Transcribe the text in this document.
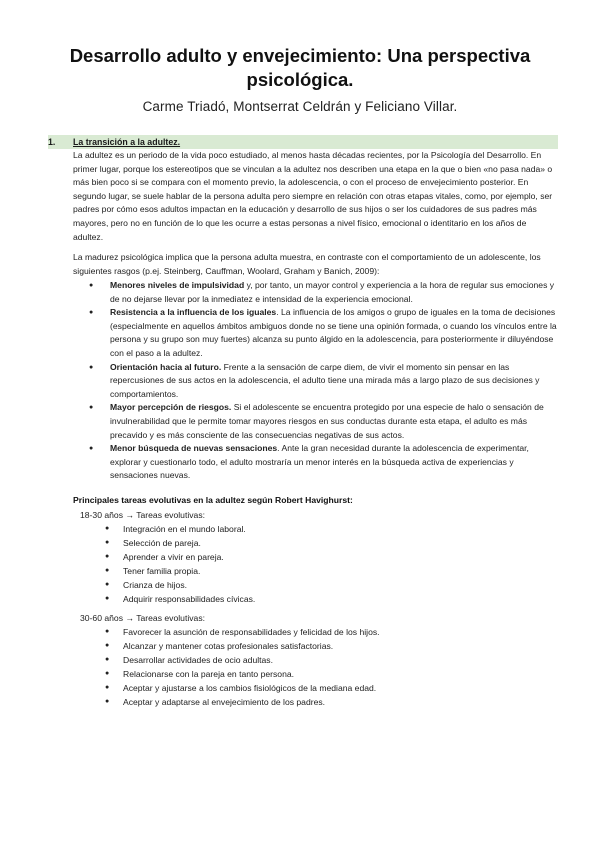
Desarrollo adulto y envejecimiento: Una perspectiva psicológica.
Carme Triadó, Montserrat Celdrán y Feliciano Villar.
1. La transición a la adultez.
La adultez es un periodo de la vida poco estudiado, al menos hasta décadas recientes, por la Psicología del Desarrollo. En primer lugar, porque los estereotipos que se vinculan a la adultez nos describen una etapa en la que o bien «no pasa nada» o más bien poco si se compara con el momento previo, la adolescencia, o con el proceso de envejecimiento posterior. En segundo lugar, se suele hablar de la persona adulta pero siempre en relación con otras etapas vitales, como, por ejemplo, ser padres por cómo esos adultos impactan en la educación y desarrollo de sus hijos o ser los cuidadores de sus padres más mayores, pero no en función de lo que les ocurre a estas personas a nivel físico, emocional o identitario en los años de adultez.
La madurez psicológica implica que la persona adulta muestra, en contraste con el comportamiento de un adolescente, los siguientes rasgos (p.ej. Steinberg, Cauffman, Woolard, Graham y Banich, 2009):
● Menores niveles de impulsividad y, por tanto, un mayor control y experiencia a la hora de regular sus emociones y de no dejarse llevar por la inmediatez e intensidad de la experiencia emocional.
● Resistencia a la influencia de los iguales. La influencia de los amigos o grupo de iguales en la toma de decisiones (especialmente en aquellos ámbitos ambiguos donde no se tiene una opinión formada, o cuando los vínculos entre la persona y su grupo son muy fuertes) alcanza su punto álgido en la adolescencia, para posteriormente ir diluyéndose con el paso a la adultez.
● Orientación hacia al futuro. Frente a la sensación de carpe diem, de vivir el momento sin pensar en las repercusiones de sus actos en la adolescencia, el adulto tiene una mirada más a largo plazo de sus decisiones y comportamientos.
● Mayor percepción de riesgos. Si el adolescente se encuentra protegido por una especie de halo o sensación de invulnerabilidad que le permite tomar mayores riesgos en sus conductas durante esta etapa, el adulto es más precavido y es más consciente de las consecuencias negativas de sus actos.
● Menor búsqueda de nuevas sensaciones. Ante la gran necesidad durante la adolescencia de experimentar, explorar y cuestionarlo todo, el adulto mostraría un menor interés en la búsqueda activa de experiencias y sensaciones nuevas.
Principales tareas evolutivas en la adultez según Robert Havighurst:
18-30 años → Tareas evolutivas:
● Integración en el mundo laboral.
● Selección de pareja.
● Aprender a vivir en pareja.
● Tener familia propia.
● Crianza de hijos.
● Adquirir responsabilidades cívicas.
30-60 años → Tareas evolutivas:
● Favorecer la asunción de responsabilidades y felicidad de los hijos.
● Alcanzar y mantener cotas profesionales satisfactorias.
● Desarrollar actividades de ocio adultas.
● Relacionarse con la pareja en tanto persona.
● Aceptar y ajustarse a los cambios fisiológicos de la mediana edad.
● Aceptar y adaptarse al envejecimiento de los padres.
